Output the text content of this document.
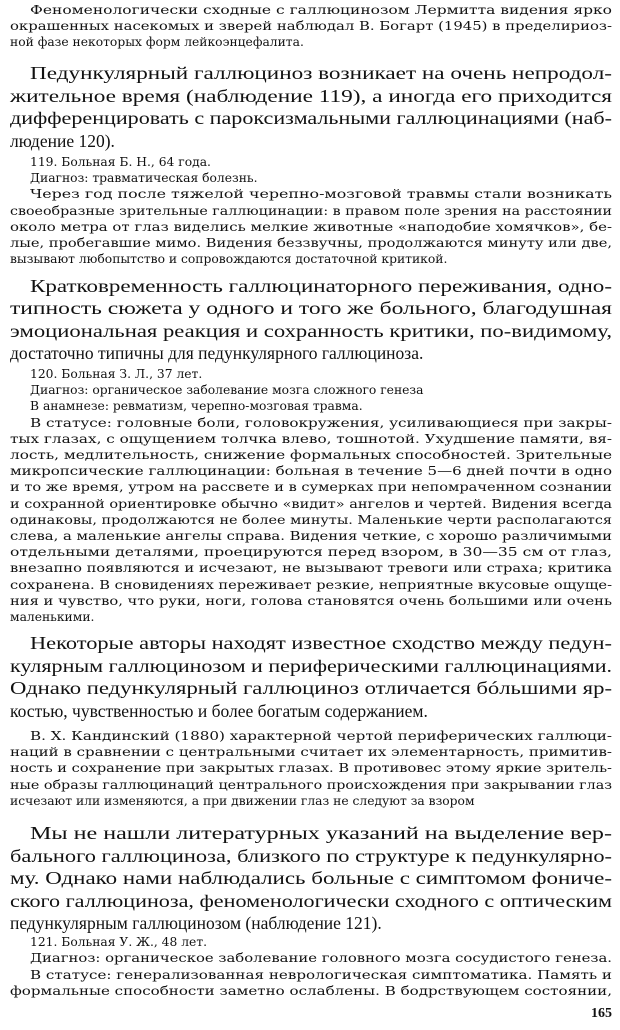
Феноменологически сходные с галлюцинозом Лермитта видения ярко
окрашенных насекомых и зверей наблюдал В. Богарт (1945) в пределириоз-
ной фазе некоторых форм лейкоэнцефалита.
Педункулярный галлюциноз возникает на очень непродол-
жительное время (наблюдение 119), а иногда его приходится
дифференцировать с пароксизмальными галлюцинациями (наб-
людение 120).
119. Больная Б. Н., 64 года.
Диагноз: травматическая болезнь.
Через год после тяжелой черепно-мозговой травмы стали возникать
своеобразные зрительные галлюцинации: в правом поле зрения на расстоянии
около метра от глаз виделись мелкие животные «наподобие хомячков», бе-
лые, пробегавшие мимо. Видения беззвучны, продолжаются минуту или две,
вызывают любопытство и сопровождаются достаточной критикой.
Кратковременность галлюцинаторного переживания, одно-
типность сюжета у одного и того же больного, благодушная
эмоциональная реакция и сохранность критики, по-видимому,
достаточно типичны для педункулярного галлюциноза.
120. Больная З. Л., 37 лет.
Диагноз: органическое заболевание мозга сложного генеза
В анамнезе: ревматизм, черепно-мозговая травма.
В статусе: головные боли, головокружения, усиливающиеся при закры-
тых глазах, с ощущением толчка влево, тошнотой. Ухудшение памяти, вя-
лость, медлительность, снижение формальных способностей. Зрительные
микропсические галлюцинации: больная в течение 5—6 дней почти в одно
и то же время, утром на рассвете и в сумерках при непомраченном сознании
и сохранной ориентировке обычно «видит» ангелов и чертей. Видения всегда
одинаковы, продолжаются не более минуты. Маленькие черти располагаются
слева, а маленькие ангелы справа. Видения четкие, с хорошо различимыми
отдельными деталями, проецируются перед взором, в 30—35 см от глаз,
внезапно появляются и исчезают, не вызывают тревоги или страха; критика
сохранена. В сновидениях переживает резкие, неприятные вкусовые ощуще-
ния и чувство, что руки, ноги, голова становятся очень большими или очень
маленькими.
Некоторые авторы находят известное сходство между педун-
кулярным галлюцинозом и периферическими галлюцинациями.
Однако педункулярный галлюциноз отличается бóльшими яр-
костью, чувственностью и более богатым содержанием.
В. Х. Кандинский (1880) характерной чертой периферических галлюци-
наций в сравнении с центральными считает их элементарность, примитив-
ность и сохранение при закрытых глазах. В противовес этому яркие зритель-
ные образы галлюцинаций центрального происхождения при закрывании глаз
исчезают или изменяются, а при движении глаз не следуют за взором
Мы не нашли литературных указаний на выделение вер-
бального галлюциноза, близкого по структуре к педункулярно-
му. Однако нами наблюдались больные с симптомом фониче-
ского галлюциноза, феноменологически сходного с оптическим
педункулярным галлюцинозом (наблюдение 121).
121. Больная У. Ж., 48 лет.
Диагноз: органическое заболевание головного мозга сосудистого генеза.
В статусе: генерализованная неврологическая симптоматика. Память и
формальные способности заметно ослаблены. В бодрствующем состоянии,
165
